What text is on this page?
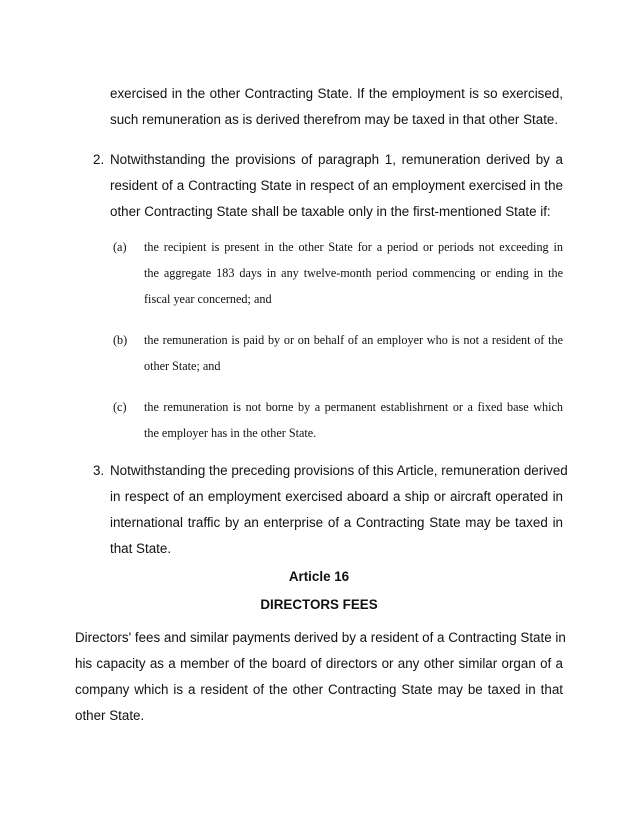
exercised in the other Contracting State. If the employment is so exercised,
such remuneration as is derived therefrom may be taxed in that other State.
2. Notwithstanding the provisions of paragraph 1, remuneration derived by a
resident of a Contracting State in respect of an employment exercised in the
other Contracting State shall be taxable only in the first-mentioned State if:
(a) the recipient is present in the other State for a period or periods not exceeding in
the aggregate 183 days in any twelve-month period commencing or ending in the
fiscal year concerned; and
(b) the remuneration is paid by or on behalf of an employer who is not a resident of the
other State; and
(c) the remuneration is not borne by a permanent establishrnent or a fixed base which
the employer has in the other State.
3. Notwithstanding the preceding provisions of this Article, remuneration derived
in respect of an employment exercised aboard a ship or aircraft operated in
international traffic by an enterprise of a Contracting State may be taxed in
that State.
Article 16
DIRECTORS FEES
Directors' fees and similar payments derived by a resident of a Contracting State in
his capacity as a member of the board of directors or any other similar organ of a
company which is a resident of the other Contracting State may be taxed in that
other State.
